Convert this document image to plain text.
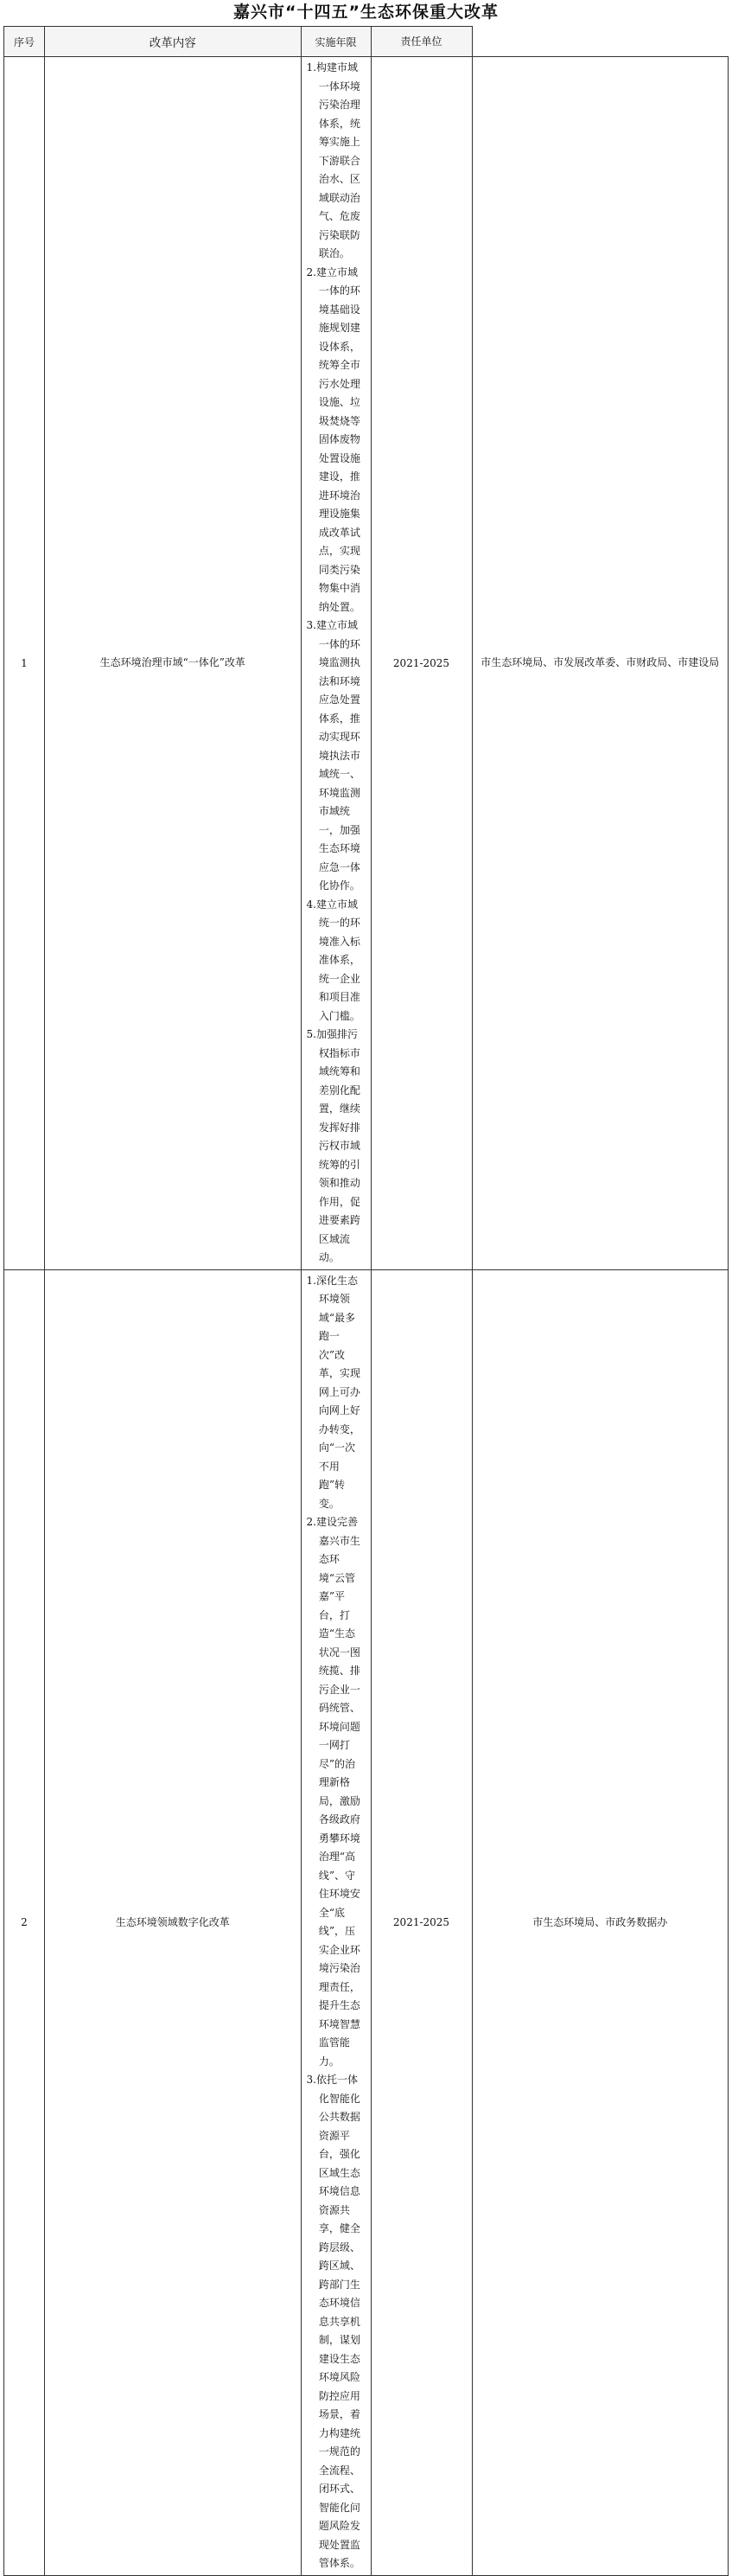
嘉兴市“十四五”生态环保重大改革
序号	改革内容	实施年限	责任单位	
1	生态环境治理市域“一体化”改革	1.构建市域一体环境污染治理体系，统筹实施上下游联合治水、区域联动治气、危废污染联防联治。
2.建立市域一体的环境基础设施规划建设体系，统筹全市污水处理设施、垃圾焚烧等固体废物处置设施建设，推进环境治理设施集成改革试点，实现同类污染物集中消纳处置。
3.建立市域一体的环境监测执法和环境应急处置体系，推动实现环境执法市域统一、环境监测市域统一，加强生态环境应急一体化协作。
4.建立市域统一的环境准入标准体系，统一企业和项目准入门槛。
5.加强排污权指标市域统筹和差别化配置，继续发挥好排污权市域统筹的引领和推动作用，促进要素跨区域流动。	2021-2025	市生态环境局、市发展改革委、市财政局、市建设局
2	生态环境领域数字化改革	1.深化生态环境领域“最多跑一次”改革，实现网上可办向网上好办转变，向“一次不用跑”转变。
2.建设完善嘉兴市生态环境“云管嘉”平台，打造“生态状况一图统揽、排污企业一码统管、环境问题一网打尽”的治理新格局，激励各级政府勇攀环境治理“高线”、守住环境安全“底线”，压实企业环境污染治理责任，提升生态环境智慧监管能力。
3.依托一体化智能化公共数据资源平台，强化区域生态环境信息资源共享，健全跨层级、跨区域、跨部门生态环境信息共享机制，谋划建设生态环境风险防控应用场景，着力构建统一规范的全流程、闭环式、智能化问题风险发现处置监管体系。	2021-2025	市生态环境局、市政务数据办
